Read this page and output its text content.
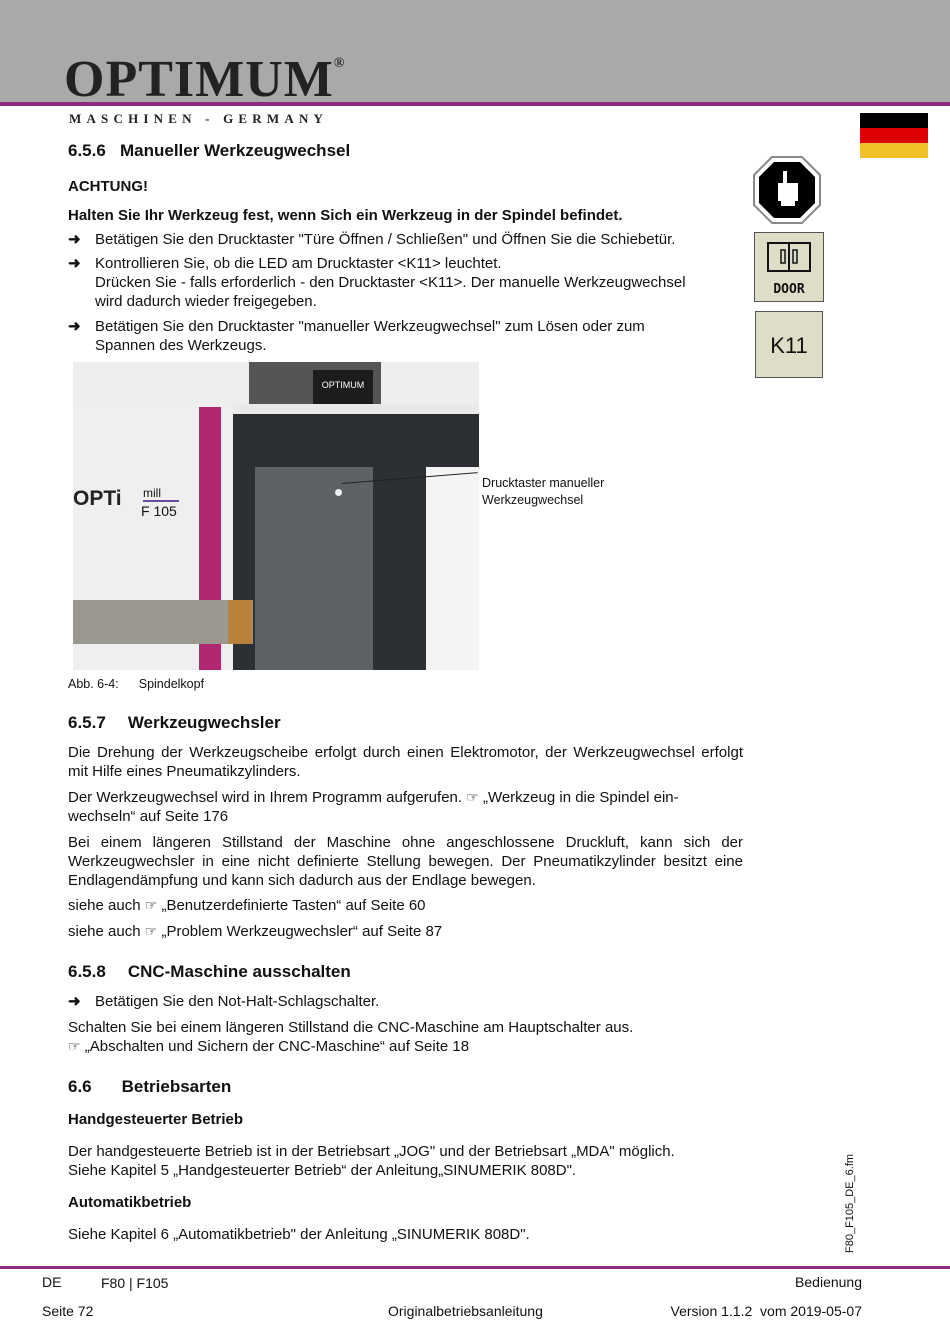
OPTIMUM®
MASCHINEN - GERMANY
DOOR
K11
6.5.6 Manueller Werkzeugwechsel
ACHTUNG!
Halten Sie Ihr Werkzeug fest, wenn Sich ein Werkzeug in der Spindel befindet.
➜ Betätigen Sie den Drucktaster "Türe Öffnen / Schließen" und Öffnen Sie die Schiebetür.
➜ Kontrollieren Sie, ob die LED am Drucktaster <K11> leuchtet.
Drücken Sie - falls erforderlich - den Drucktaster <K11>. Der manuelle Werkzeugwechsel
wird dadurch wieder freigegeben.
➜ Betätigen Sie den Drucktaster "manueller Werkzeugwechsel" zum Lösen oder zum
Spannen des Werkzeugs.
OPTIMUM
OPTi mill
F 105
Drucktaster manueller
Werkzeugwechsel
Abb. 6-4: Spindelkopf
6.5.7 Werkzeugwechsler
Die Drehung der Werkzeugscheibe erfolgt durch einen Elektromotor, der Werkzeugwechsel erfolgt mit Hilfe eines Pneumatikzylinders.
Der Werkzeugwechsel wird in Ihrem Programm aufgerufen. ☞ „Werkzeug in die Spindel ein-
wechseln“ auf Seite 176
Bei einem längeren Stillstand der Maschine ohne angeschlossene Druckluft, kann sich der Werkzeugwechsler in eine nicht definierte Stellung bewegen. Der Pneumatikzylinder besitzt eine Endlagendämpfung und kann sich dadurch aus der Endlage bewegen.
siehe auch ☞ „Benutzerdefinierte Tasten“ auf Seite 60
siehe auch ☞ „Problem Werkzeugwechsler“ auf Seite 87
6.5.8 CNC-Maschine ausschalten
➜ Betätigen Sie den Not-Halt-Schlagschalter.
Schalten Sie bei einem längeren Stillstand die CNC-Maschine am Hauptschalter aus.
☞ „Abschalten und Sichern der CNC-Maschine“ auf Seite 18
6.6 Betriebsarten
Handgesteuerter Betrieb
Der handgesteuerte Betrieb ist in der Betriebsart „JOG" und der Betriebsart „MDA" möglich.
Siehe Kapitel 5 „Handgesteuerter Betrieb“ der Anleitung„SINUMERIK 808D".
Automatikbetrieb
Siehe Kapitel 6 „Automatikbetrieb" der Anleitung „SINUMERIK 808D".	F80_F105_DE_6.fm
DE	F80 | F105	Bedienung
Seite 72	Originalbetriebsanleitung	Version 1.1.2  vom 2019-05-07
